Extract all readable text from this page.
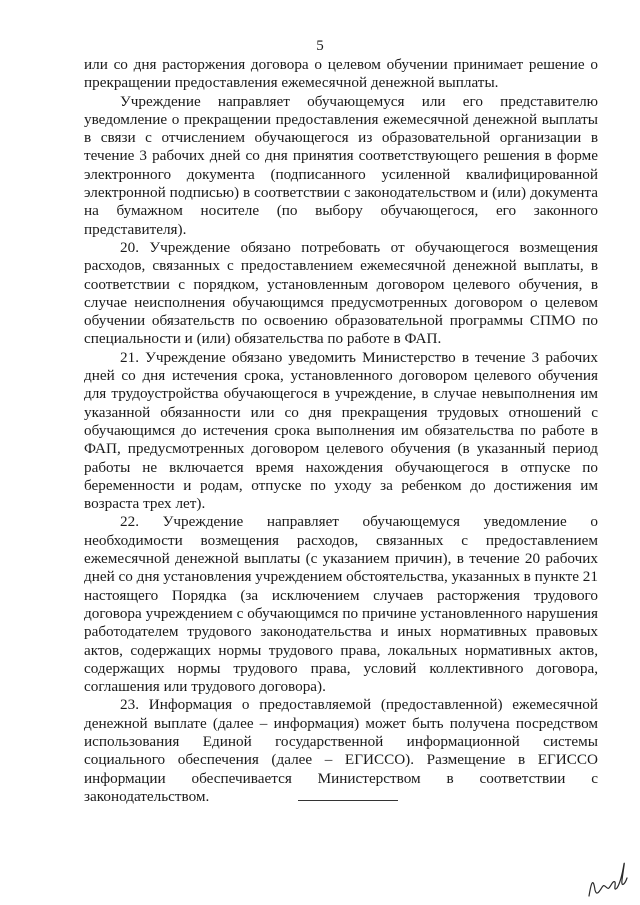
5

или со дня расторжения договора о целевом обучении принимает решение о прекращении предоставления ежемесячной денежной выплаты.

Учреждение направляет обучающемуся или его представителю уведомление о прекращении предоставления ежемесячной денежной выплаты в связи с отчислением обучающегося из образовательной организации в течение 3 рабочих дней со дня принятия соответствующего решения в форме электронного документа (подписанного усиленной квалифицированной электронной подписью) в соответствии с законодательством и (или) документа на бумажном носителе (по выбору обучающегося, его законного представителя).

20. Учреждение обязано потребовать от обучающегося возмещения расходов, связанных с предоставлением ежемесячной денежной выплаты, в соответствии с порядком, установленным договором целевого обучения, в случае неисполнения обучающимся предусмотренных договором о целевом обучении обязательств по освоению образовательной программы СПМО по специальности и (или) обязательства по работе в ФАП.

21. Учреждение обязано уведомить Министерство в течение 3 рабочих дней со дня истечения срока, установленного договором целевого обучения для трудоустройства обучающегося в учреждение, в случае невыполнения им указанной обязанности или со дня прекращения трудовых отношений с обучающимся до истечения срока выполнения им обязательства по работе в ФАП, предусмотренных договором целевого обучения (в указанный период работы не включается время нахождения обучающегося в отпуске по беременности и родам, отпуске по уходу за ребенком до достижения им возраста трех лет).

22. Учреждение направляет обучающемуся уведомление о необходимости возмещения расходов, связанных с предоставлением ежемесячной денежной выплаты (с указанием причин), в течение 20 рабочих дней со дня установления учреждением обстоятельства, указанных в пункте 21 настоящего Порядка (за исключением случаев расторжения трудового договора учреждением с обучающимся по причине установленного нарушения работодателем трудового законодательства и иных нормативных правовых актов, содержащих нормы трудового права, локальных нормативных актов, содержащих нормы трудового права, условий коллективного договора, соглашения или трудового договора).

23. Информация о предоставляемой (предоставленной) ежемесячной денежной выплате (далее – информация) может быть получена посредством использования Единой государственной информационной системы социального обеспечения (далее – ЕГИССО). Размещение в ЕГИССО информации обеспечивается Министерством в соответствии с законодательством.
